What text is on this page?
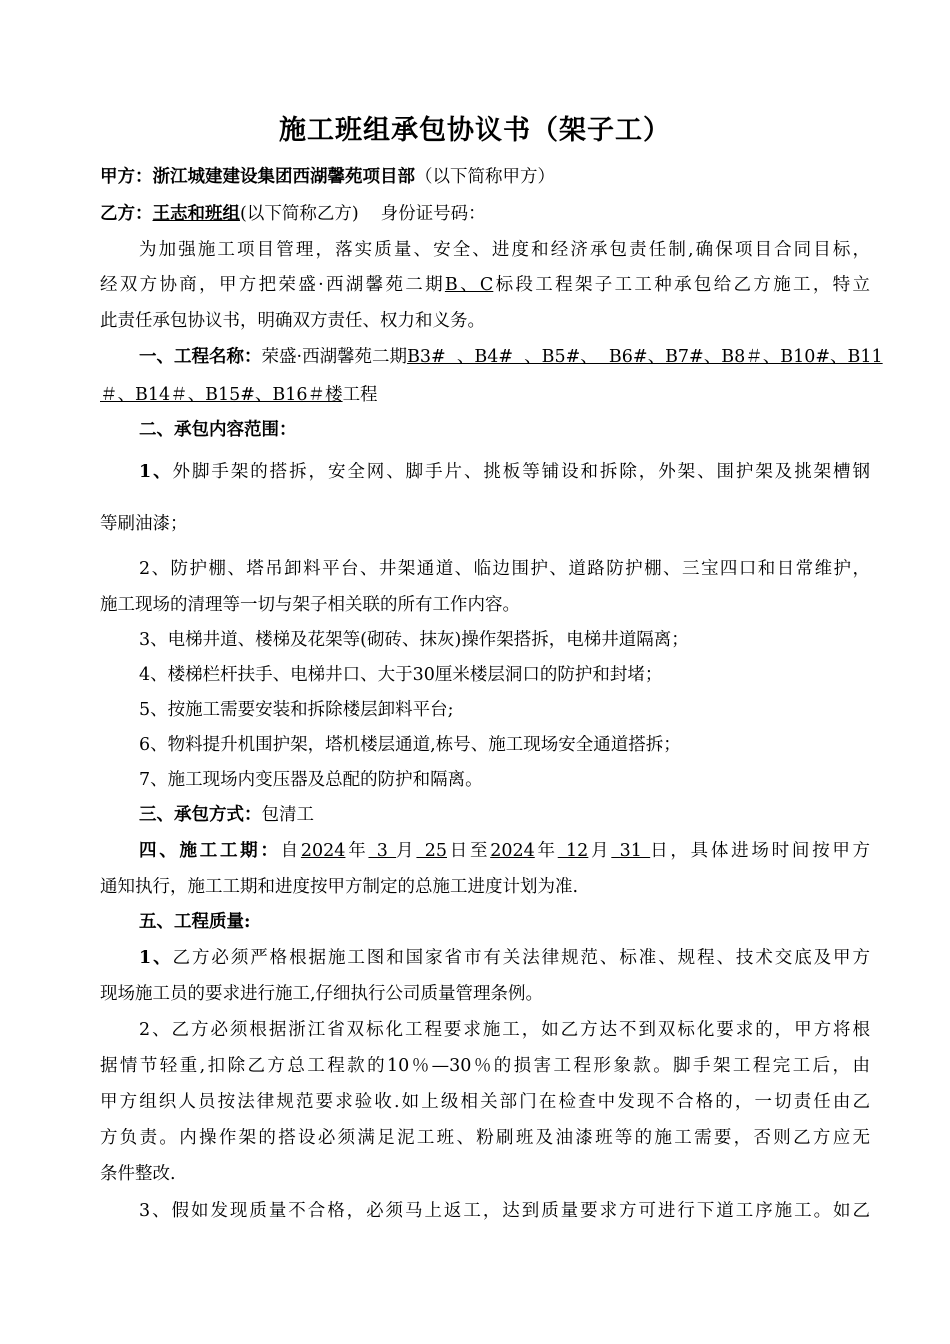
施工班组承包协议书（架子工）
甲方：浙江城建建设集团西湖馨苑项目部（以下简称甲方）
乙方：王志和班组(以下简称乙方) 身份证号码：
为加强施工项目管理，落实质量、安全、进度和经济承包责任制,确保项目合同目标，
经双方协商，甲方把荣盛·西湖馨苑二期B、C标段工程架子工工种承包给乙方施工，特立
此责任承包协议书，明确双方责任、权力和义务。
一、工程名称：荣盛·西湖馨苑二期B3#  、B4#  、B5#、  B6#、B7#、B8＃、B10#、B11
＃、B14＃、B15#、B16＃楼工程
二、承包内容范围：
1、外脚手架的搭拆，安全网、脚手片、挑板等铺设和拆除，外架、围护架及挑架槽钢
等刷油漆；
2、防护棚、塔吊卸料平台、井架通道、临边围护、道路防护棚、三宝四口和日常维护，
施工现场的清理等一切与架子相关联的所有工作内容。
3、电梯井道、楼梯及花架等(砌砖、抹灰)操作架搭拆，电梯井道隔离；
4、楼梯栏杆扶手、电梯井口、大于30厘米楼层洞口的防护和封堵；
5、按施工需要安装和拆除楼层卸料平台;
6、物料提升机围护架，塔机楼层通道,栋号、施工现场安全通道搭拆；
7、施工现场内变压器及总配的防护和隔离。
三、承包方式：包清工
四、施工工期：自2024年 3 月 25日至2024年 12月 31 日，具体进场时间按甲方
通知执行，施工工期和进度按甲方制定的总施工进度计划为准.
五、工程质量:
1、乙方必须严格根据施工图和国家省市有关法律规范、标准、规程、技术交底及甲方
现场施工员的要求进行施工,仔细执行公司质量管理条例。
2、乙方必须根据浙江省双标化工程要求施工，如乙方达不到双标化要求的，甲方将根
据情节轻重,扣除乙方总工程款的10％—30％的损害工程形象款。脚手架工程完工后，由
甲方组织人员按法律规范要求验收.如上级相关部门在检查中发现不合格的，一切责任由乙
方负责。内操作架的搭设必须满足泥工班、粉刷班及油漆班等的施工需要，否则乙方应无
条件整改.
3、假如发现质量不合格，必须马上返工，达到质量要求方可进行下道工序施工。如乙
